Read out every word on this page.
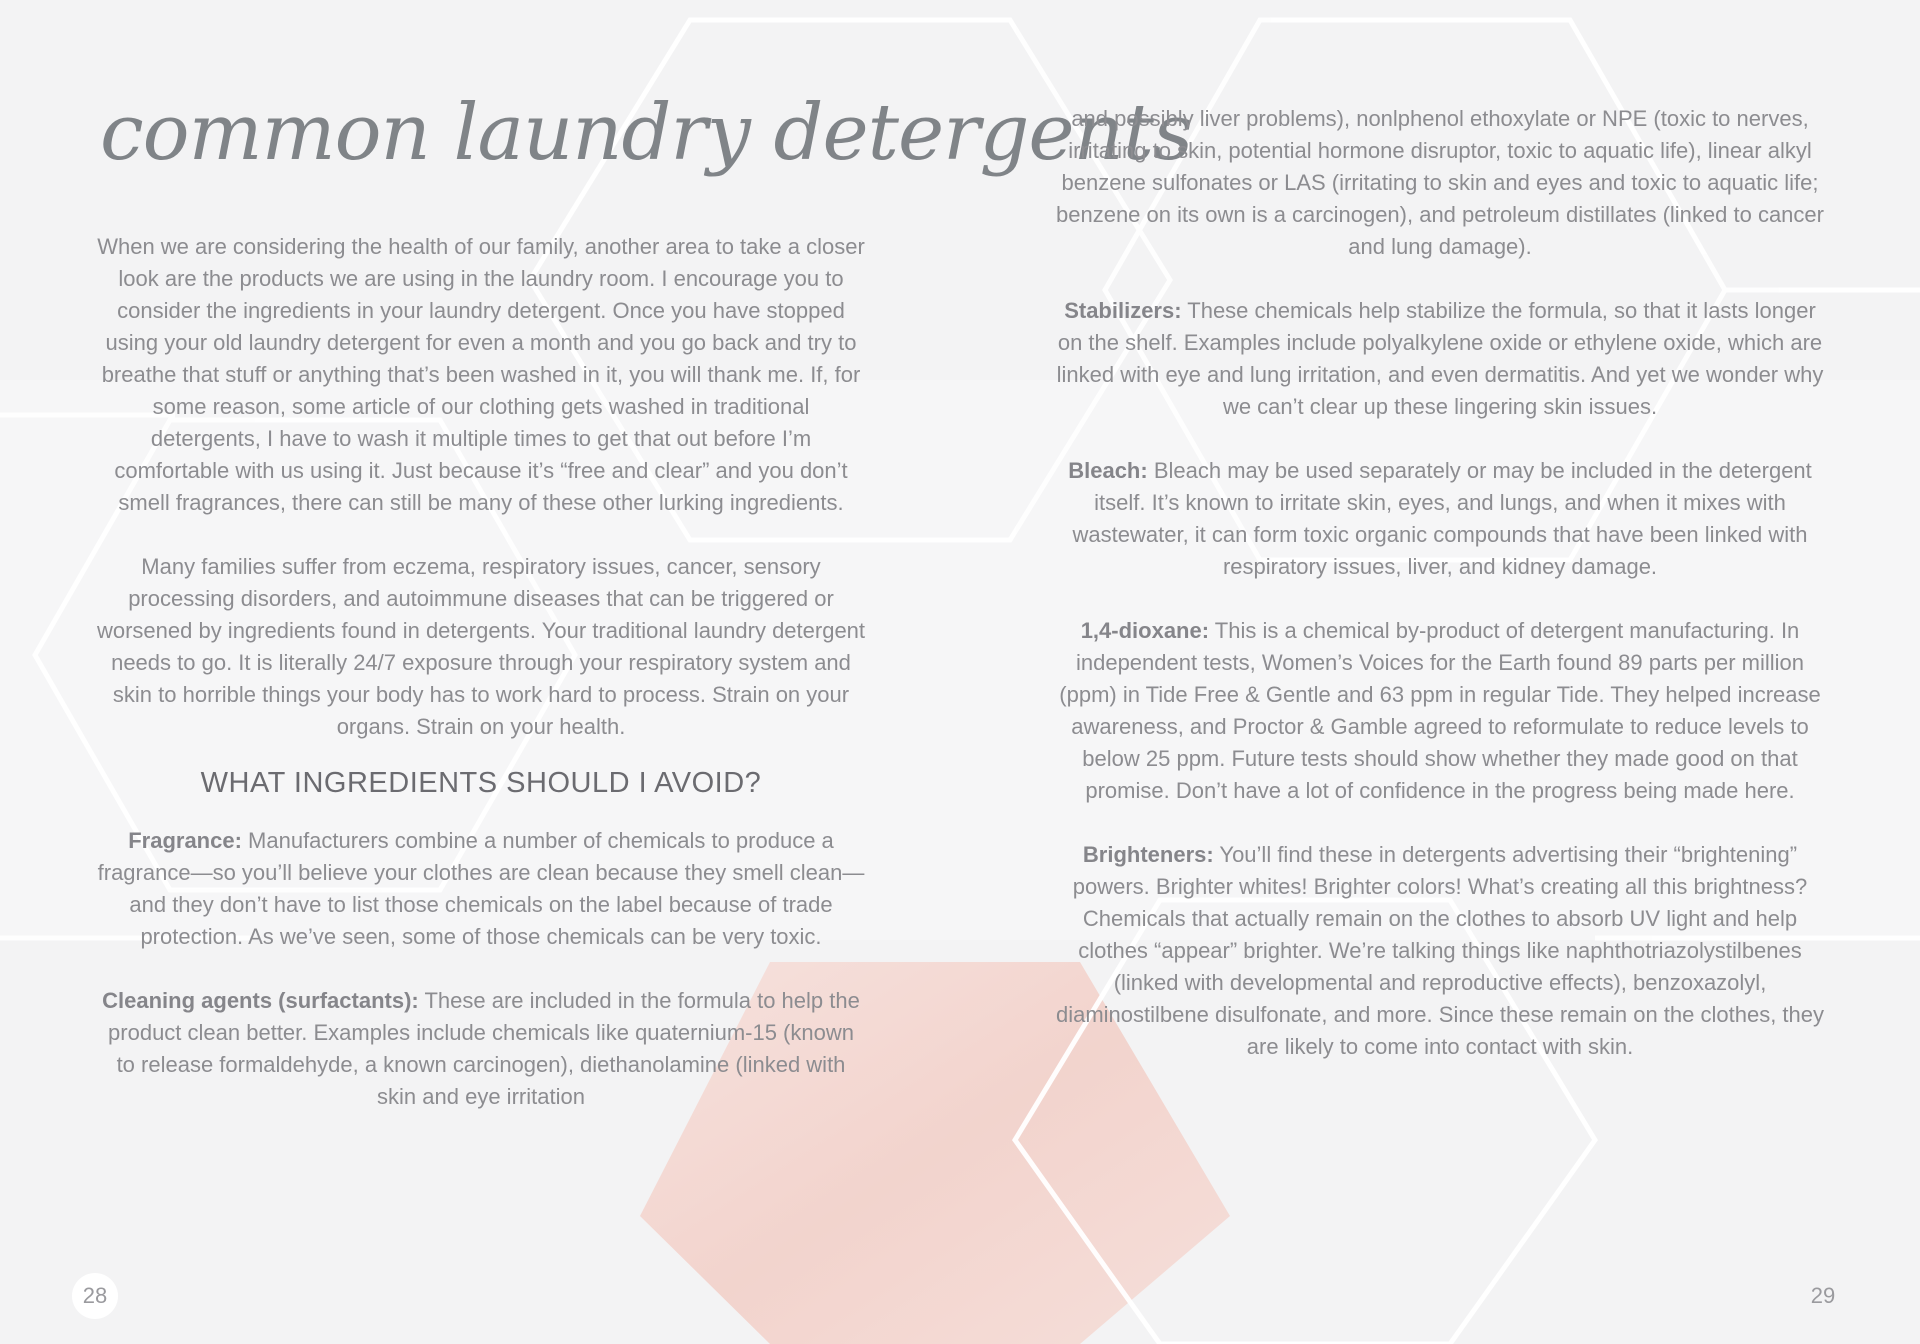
common laundry detergents

When we are considering the health of our family, another area to take a closer look are the products we are using in the laundry room. I encourage you to consider the ingredients in your laundry detergent. Once you have stopped using your old laundry detergent for even a month and you go back and try to breathe that stuff or anything that’s been washed in it, you will thank me. If, for some reason, some article of our clothing gets washed in traditional detergents, I have to wash it multiple times to get that out before I’m comfortable with us using it. Just because it’s “free and clear” and you don’t smell fragrances, there can still be many of these other lurking ingredients.

Many families suffer from eczema, respiratory issues, cancer, sensory processing disorders, and autoimmune diseases that can be triggered or worsened by ingredients found in detergents. Your traditional laundry detergent needs to go. It is literally 24/7 exposure through your respiratory system and skin to horrible things your body has to work hard to process. Strain on your organs. Strain on your health.

WHAT INGREDIENTS SHOULD I AVOID?

Fragrance: Manufacturers combine a number of chemicals to produce a fragrance—so you’ll believe your clothes are clean because they smell clean—and they don’t have to list those chemicals on the label because of trade protection. As we’ve seen, some of those chemicals can be very toxic.

Cleaning agents (surfactants): These are included in the formula to help the product clean better. Examples include chemicals like quaternium-15 (known to release formaldehyde, a known carcinogen), diethanolamine (linked with skin and eye irritation

28

and possibly liver problems), nonlphenol ethoxylate or NPE (toxic to nerves, irritating to skin, potential hormone disruptor, toxic to aquatic life), linear alkyl benzene sulfonates or LAS (irritating to skin and eyes and toxic to aquatic life; benzene on its own is a carcinogen), and petroleum distillates (linked to cancer and lung damage).

Stabilizers: These chemicals help stabilize the formula, so that it lasts longer on the shelf. Examples include polyalkylene oxide or ethylene oxide, which are linked with eye and lung irritation, and even dermatitis. And yet we wonder why we can’t clear up these lingering skin issues.

Bleach: Bleach may be used separately or may be included in the detergent itself. It’s known to irritate skin, eyes, and lungs, and when it mixes with wastewater, it can form toxic organic compounds that have been linked with respiratory issues, liver, and kidney damage.

1,4-dioxane: This is a chemical by-product of detergent manufacturing. In independent tests, Women’s Voices for the Earth found 89 parts per million (ppm) in Tide Free & Gentle and 63 ppm in regular Tide. They helped increase awareness, and Proctor & Gamble agreed to reformulate to reduce levels to below 25 ppm. Future tests should show whether they made good on that promise. Don’t have a lot of confidence in the progress being made here.

Brighteners: You’ll find these in detergents advertising their “brightening” powers. Brighter whites! Brighter colors! What’s creating all this brightness? Chemicals that actually remain on the clothes to absorb UV light and help clothes “appear” brighter. We’re talking things like naphthotriazolystilbenes (linked with developmental and reproductive effects), benzoxazolyl, diaminostilbene disulfonate, and more. Since these remain on the clothes, they are likely to come into contact with skin.

29
